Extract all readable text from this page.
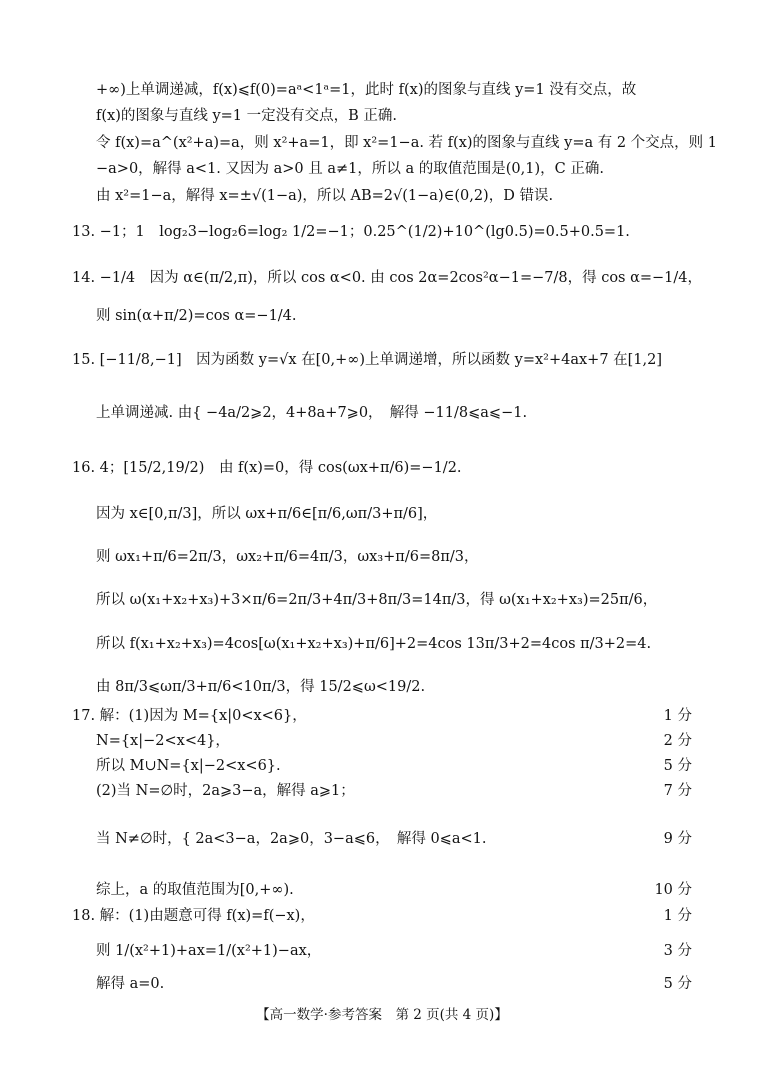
+∞)上单调递减，f(x)⩽f(0)=aᵃ<1ᵃ=1，此时 f(x)的图象与直线 y=1 没有交点，故
f(x)的图象与直线 y=1 一定没有交点，B 正确.
令 f(x)=a^(x²+a)=a，则 x²+a=1，即 x²=1−a. 若 f(x)的图象与直线 y=a 有 2 个交点，则 1
−a>0，解得 a<1. 又因为 a>0 且 a≠1，所以 a 的取值范围是(0,1)，C 正确.
由 x²=1−a，解得 x=±√(1−a)，所以 AB=2√(1−a)∈(0,2)，D 错误.
13. −1；1　log₂3−log₂6=log₂ 1/2=−1；0.25^(1/2)+10^(lg0.5)=0.5+0.5=1.
14. −1/4　因为 α∈(π/2,π)，所以 cos α<0. 由 cos 2α=2cos²α−1=−7/8，得 cos α=−1/4，
则 sin(α+π/2)=cos α=−1/4.
15. [−11/8,−1]　因为函数 y=√x 在[0,+∞)上单调递增，所以函数 y=x²+4ax+7 在[1,2]
上单调递减. 由{ −4a/2⩾2，4+8a+7⩾0，　解得 −11/8⩽a⩽−1.
16. 4；[15/2,19/2)　由 f(x)=0，得 cos(ωx+π/6)=−1/2.
因为 x∈[0,π/3]，所以 ωx+π/6∈[π/6,ωπ/3+π/6]，
则 ωx₁+π/6=2π/3，ωx₂+π/6=4π/3，ωx₃+π/6=8π/3，
所以 ω(x₁+x₂+x₃)+3×π/6=2π/3+4π/3+8π/3=14π/3，得 ω(x₁+x₂+x₃)=25π/6，
所以 f(x₁+x₂+x₃)=4cos[ω(x₁+x₂+x₃)+π/6]+2=4cos 13π/3+2=4cos π/3+2=4.
由 8π/3⩽ωπ/3+π/6<10π/3，得 15/2⩽ω<19/2.
17. 解：(1)因为 M={x|0<x<6}，	1 分
N={x|−2<x<4}，	2 分
所以 M∪N={x|−2<x<6}.	5 分
(2)当 N=∅时，2a⩾3−a，解得 a⩾1；	7 分
当 N≠∅时，{ 2a<3−a，2a⩾0，3−a⩽6，　解得 0⩽a<1.	9 分
综上，a 的取值范围为[0,+∞).	10 分
18. 解：(1)由题意可得 f(x)=f(−x)，	1 分
则 1/(x²+1)+ax=1/(x²+1)−ax，	3 分
解得 a=0.	5 分
【高一数学·参考答案　第 2 页(共 4 页)】
